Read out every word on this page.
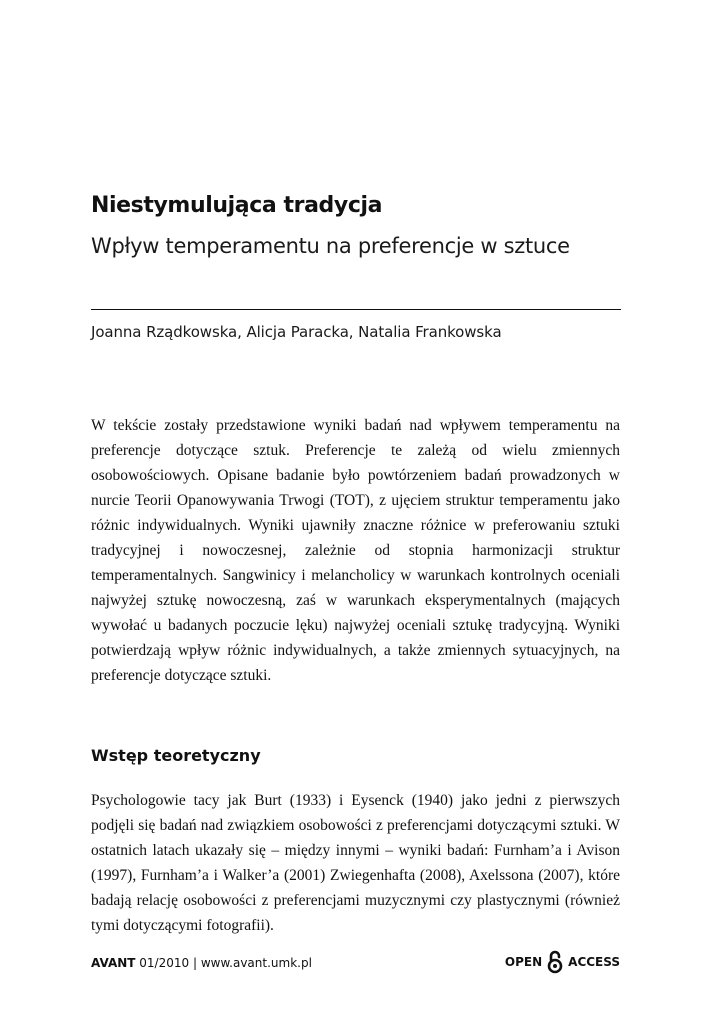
Niestymulująca tradycja
Wpływ temperamentu na preferencje w sztuce
Joanna Rządkowska, Alicja Paracka, Natalia Frankowska

W tekście zostały przedstawione wyniki badań nad wpływem temperamentu na preferencje dotyczące sztuk. Preferencje te zależą od wielu zmiennych osobowościowych. Opisane badanie było powtórzeniem badań prowadzonych w nurcie Teorii Opanowywania Trwogi (TOT), z ujęciem struktur temperamentu jako różnic indywidualnych. Wyniki ujawniły znaczne różnice w preferowaniu sztuki tradycyjnej i nowoczesnej, zależnie od stopnia harmonizacji struktur temperamentalnych. Sangwinicy i melancholicy w warunkach kontrolnych oceniali najwyżej sztukę nowoczesną, zaś w warunkach eksperymentalnych (mających wywołać u badanych poczucie lęku) najwyżej oceniali sztukę tradycyjną. Wyniki potwierdzają wpływ różnic indywidualnych, a także zmiennych sytuacyjnych, na preferencje dotyczące sztuki.

Wstęp teoretyczny

Psychologowie tacy jak Burt (1933) i Eysenck (1940) jako jedni z pierwszych podjęli się badań nad związkiem osobowości z preferencjami dotyczącymi sztuki. W ostatnich latach ukazały się – między innymi – wyniki badań: Furnham’a i Avison (1997), Furnham’a i Walker’a (2001) Zwiegenhafta (2008), Axelssona (2007), które badają relację osobowości z preferencjami muzycznymi czy plastycznymi (również tymi dotyczącymi fotografii).

AVANT 01/2010 | www.avant.umk.pl	OPEN ACCESS
